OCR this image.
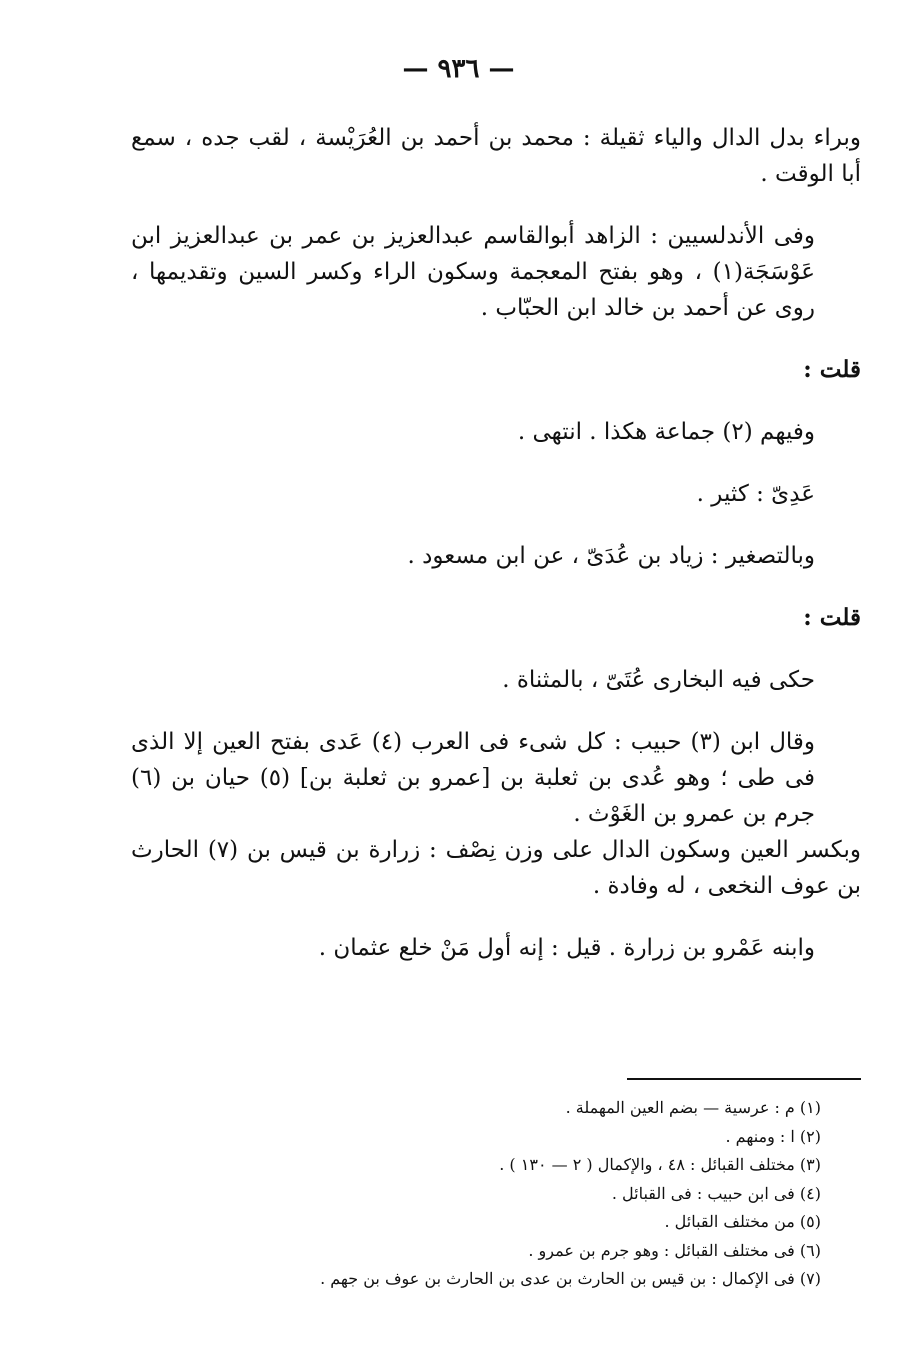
— ٩٣٦ —

وبراء بدل الدال والياء ثقيلة : محمد بن أحمد بن العُرَيْسة ، لقب جده ، سمع أبا الوقت .

وفى الأندلسيين : الزاهد أبوالقاسم عبدالعزيز بن عمر بن عبدالعزيز ابن عَوْسَجَة(١) ، وهو بفتح المعجمة وسكون الراء وكسر السين وتقديمها ، روى عن أحمد بن خالد ابن الحبّاب .

قلت :

وفيهم (٢) جماعة هكذا . انتهى .

عَدِىّ : كثير .

وبالتصغير : زياد بن عُدَىّ ، عن ابن مسعود .

قلت :

حكى فيه البخارى عُتَىّ ، بالمثناة .

وقال ابن (٣) حبيب : كل شىء فى العرب (٤) عَدى بفتح العين إلا الذى فى طى ؛ وهو عُدى بن ثعلبة بن [عمرو بن ثعلبة بن] (٥) حيان بن (٦) جرم بن عمرو بن الغَوْث .

وبكسر العين وسكون الدال على وزن نِصْف : زرارة بن قيس بن (٧) الحارث بن عوف النخعى ، له وفادة .

وابنه عَمْرو بن زرارة . قيل : إنه أول مَنْ خلع عثمان .

(١) م : عرسية — بضم العين المهملة .
(٢) ا : ومنهم .
(٣) مختلف القبائل : ٤٨ ، والإكمال ( ٢ — ١٣٠ ) .
(٤) فى ابن حبيب : فى القبائل .
(٥) من مختلف القبائل .
(٦) فى مختلف القبائل : وهو جرم بن عمرو .
(٧) فى الإكمال : بن قيس بن الحارث بن عدى بن الحارث بن عوف بن جهم .
